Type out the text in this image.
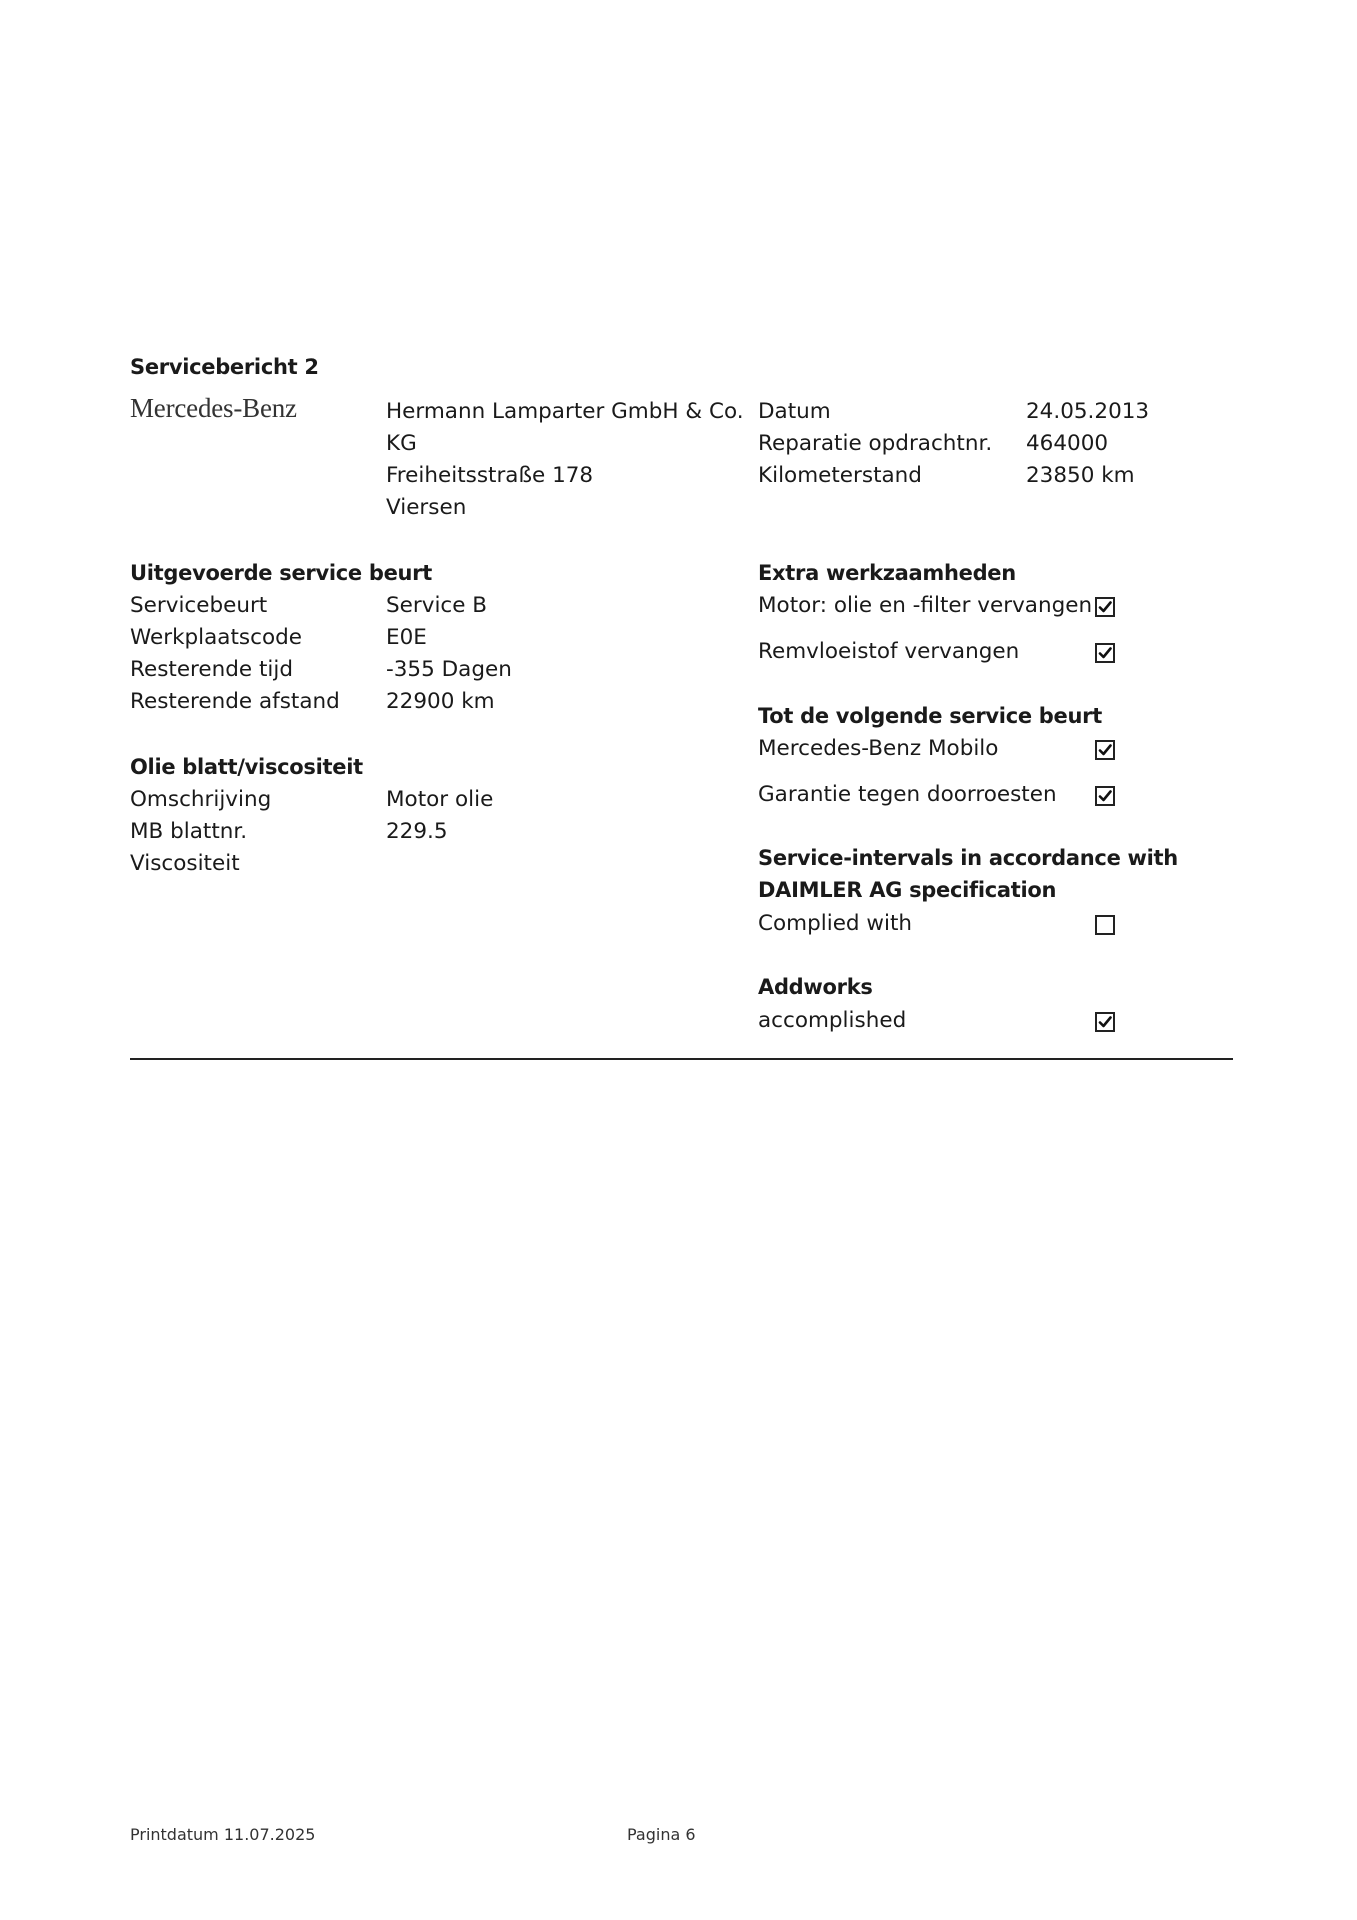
Servicebericht 2
Mercedes-Benz	Hermann Lamparter GmbH & Co.
KG
Freiheitsstraße 178
Viersen
Datum	24.05.2013
Reparatie opdrachtnr. 464000
Kilometerstand	23850 km
Uitgevoerde service beurt
Servicebeurt	Service B
Werkplaatscode	E0E
Resterende tijd	-355 Dagen
Resterende afstand 22900 km
Olie blatt/viscositeit
Omschrijving	Motor olie
MB blattnr.	229.5
Viscositeit
Extra werkzaamheden
Motor: olie en -filter vervangen
Remvloeistof vervangen
Tot de volgende service beurt
Mercedes-Benz Mobilo
Garantie tegen doorroesten
Service-intervals in accordance with
DAIMLER AG specification
Complied with
Addworks
accomplished
Printdatum 11.07.2025	Pagina 6
